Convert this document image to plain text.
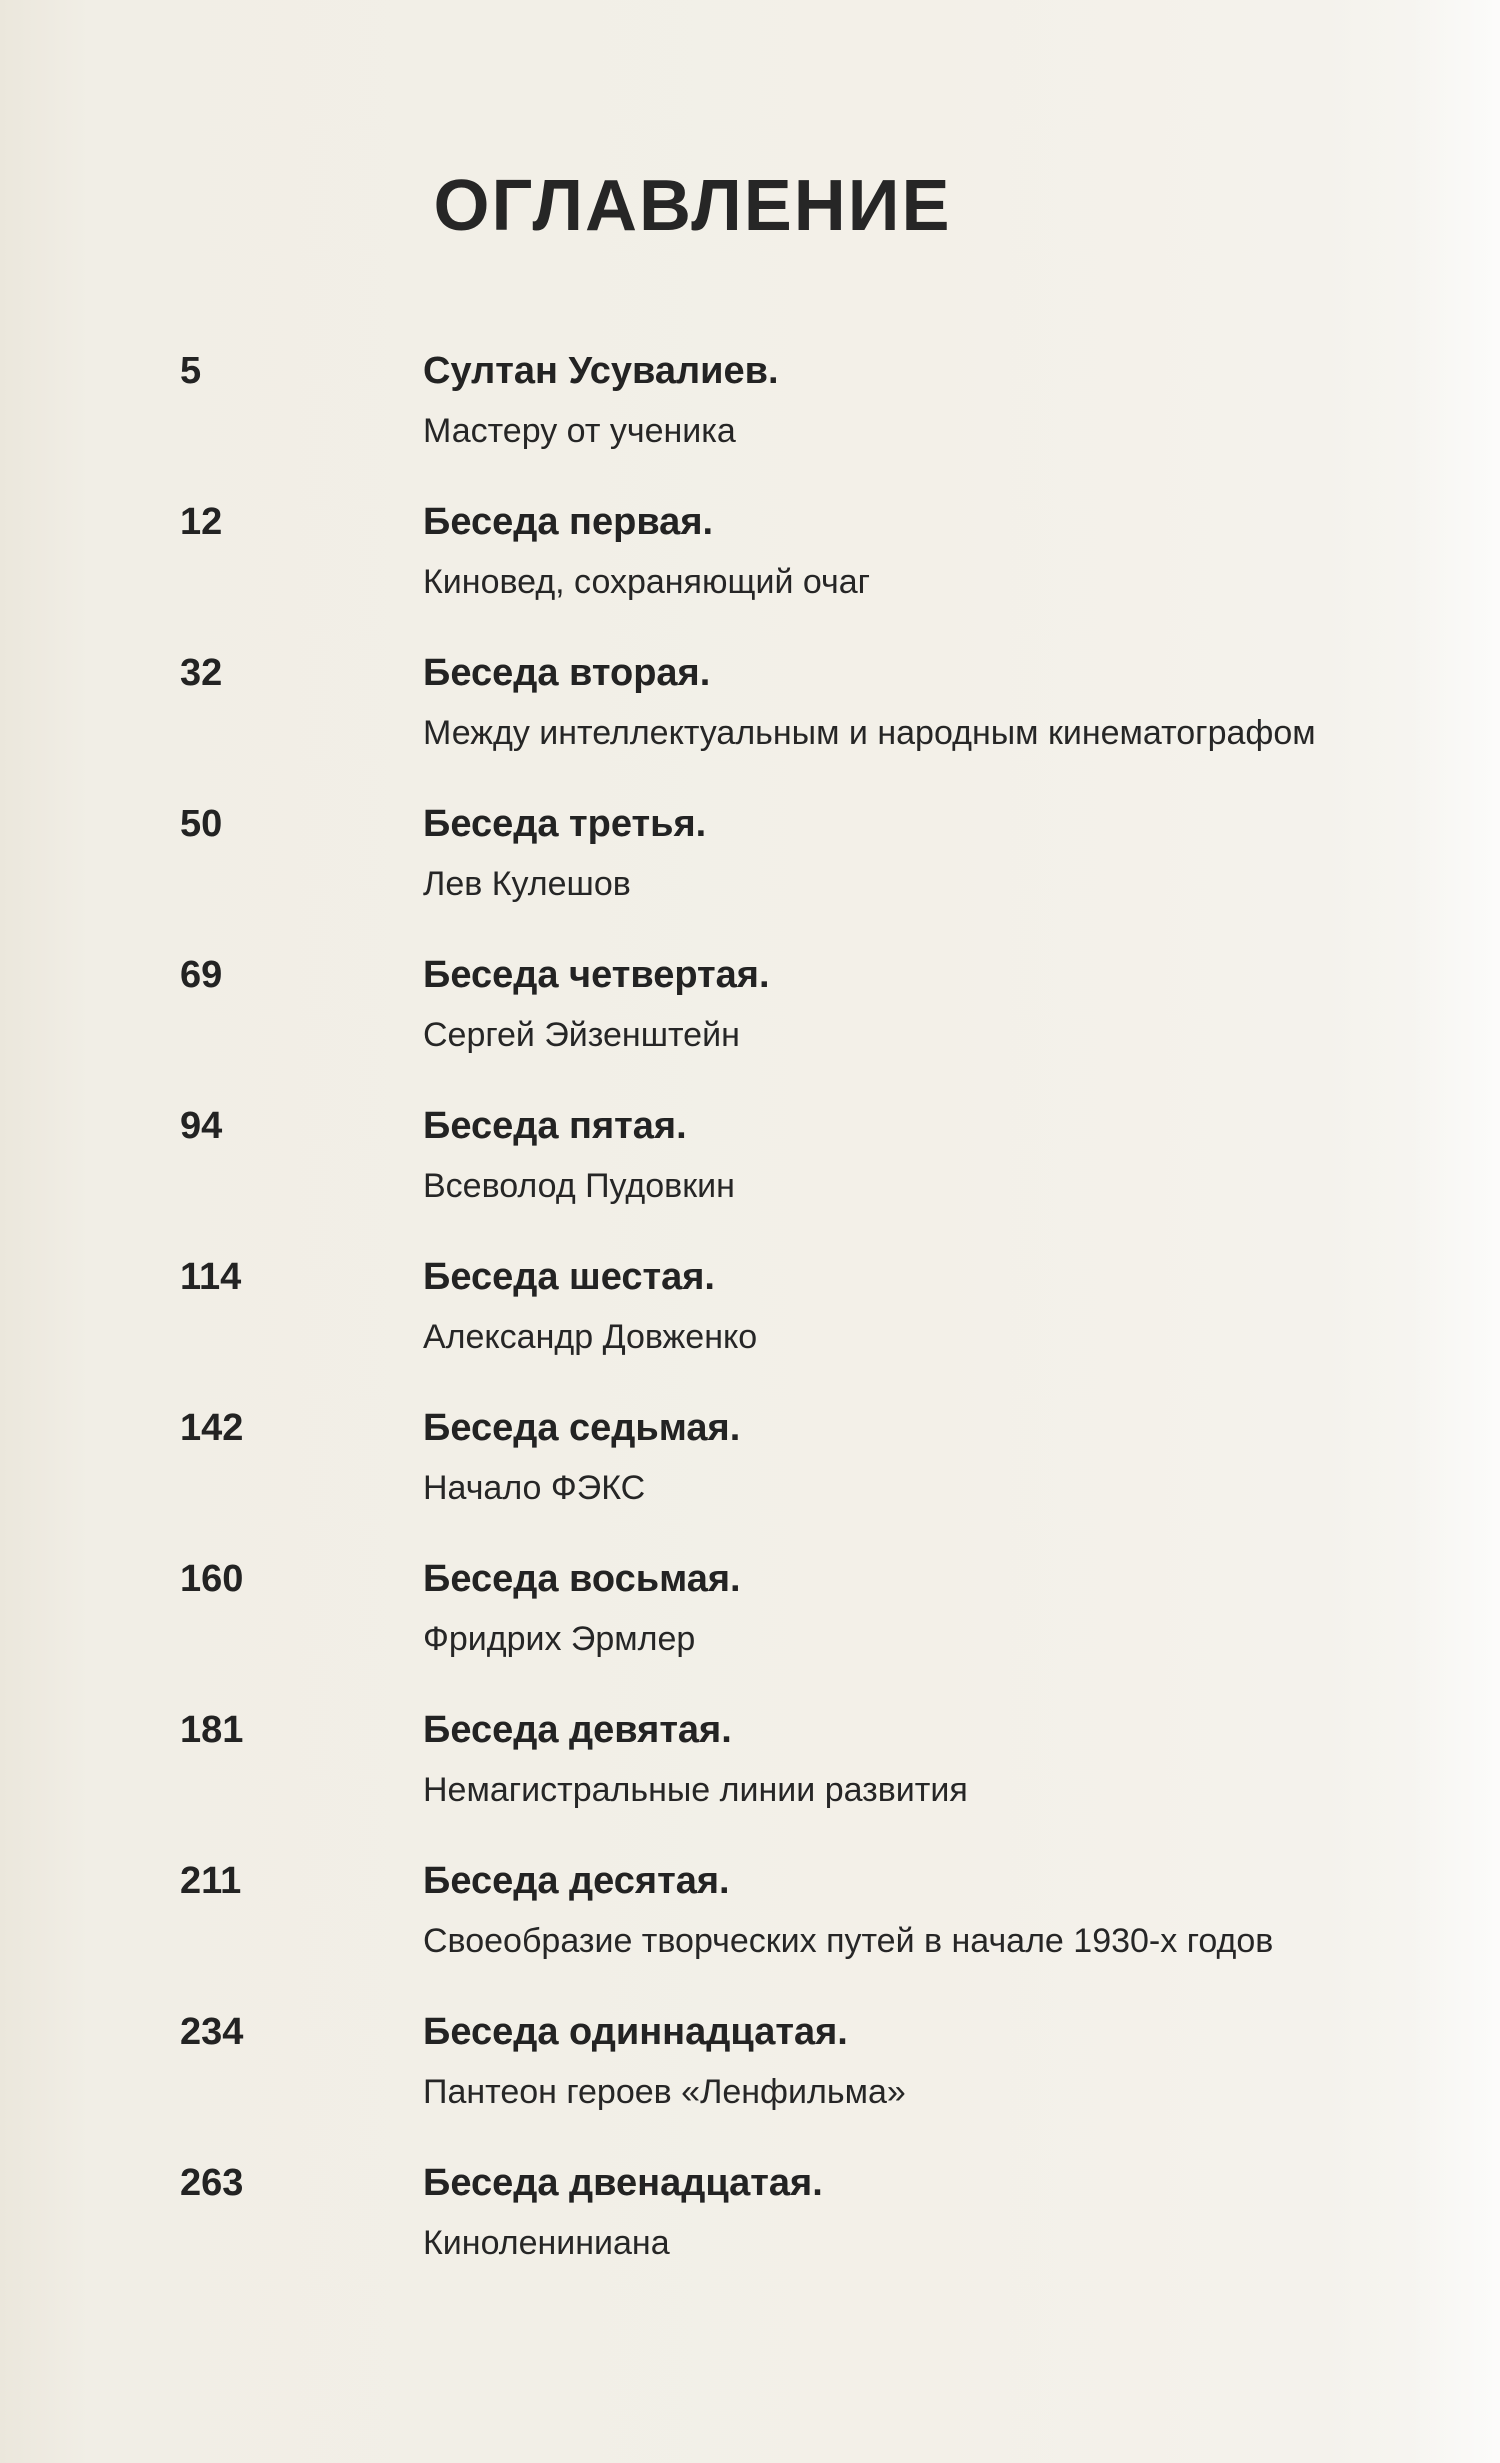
ОГЛАВЛЕНИЕ
5	Султан Усувалиев.
Мастеру от ученика
12	Беседа первая.
Киновед, сохраняющий очаг
32	Беседа вторая.
Между интеллектуальным и народным кинематографом
50	Беседа третья.
Лев Кулешов
69	Беседа четвертая.
Сергей Эйзенштейн
94	Беседа пятая.
Всеволод Пудовкин
114	Беседа шестая.
Александр Довженко
142	Беседа седьмая.
Начало ФЭКС
160	Беседа восьмая.
Фридрих Эрмлер
181	Беседа девятая.
Немагистральные линии развития
211	Беседа десятая.
Своеобразие творческих путей в начале 1930-х годов
234	Беседа одиннадцатая.
Пантеон героев «Ленфильма»
263	Беседа двенадцатая.
Киноленинианa
